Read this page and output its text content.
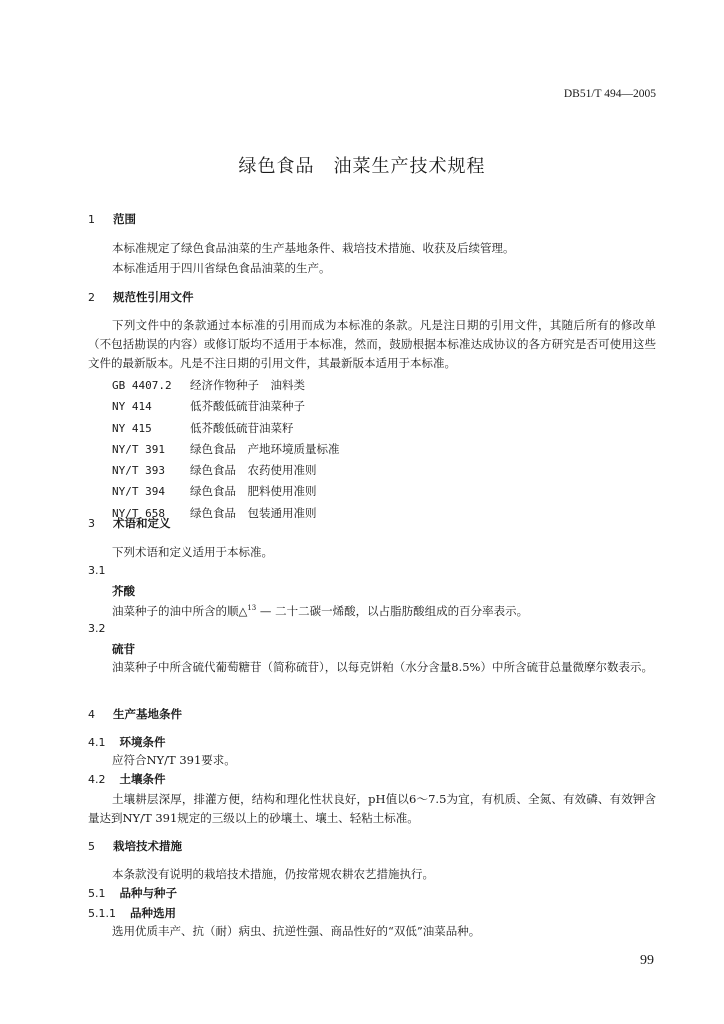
DB51/T 494—2005
绿色食品　油菜生产技术规程
1 范围
本标准规定了绿色食品油菜的生产基地条件、栽培技术措施、收获及后续管理。
本标准适用于四川省绿色食品油菜的生产。
2 规范性引用文件
下列文件中的条款通过本标准的引用而成为本标准的条款。凡是注日期的引用文件，其随后所有的修改单（不包括勘误的内容）或修订版均不适用于本标准，然而，鼓励根据本标准达成协议的各方研究是否可使用这些文件的最新版本。凡是不注日期的引用文件，其最新版本适用于本标准。
GB 4407.2 经济作物种子　油料类
NY 414	低芥酸低硫苷油菜种子
NY 415	低芥酸低硫苷油菜籽
NY/T 391 绿色食品　产地环境质量标准
NY/T 393 绿色食品　农药使用准则
NY/T 394 绿色食品　肥料使用准则
NY/T 658 绿色食品　包装通用准则
3 术语和定义
下列术语和定义适用于本标准。
3.1
芥酸
油菜种子的油中所含的顺△$^{13}$ — 二十二碳一烯酸，以占脂肪酸组成的百分率表示。
3.2
硫苷
油菜种子中所含硫代葡萄糖苷（简称硫苷），以每克饼粕（水分含量8.5%）中所含硫苷总量微摩尔数表示。
4 生产基地条件
4.1 环境条件
应符合NY/T 391要求。
4.2 土壤条件
土壤耕层深厚，排灌方便，结构和理化性状良好，pH值以6～7.5为宜，有机质、全氮、有效磷、有效钾含量达到NY/T 391规定的三级以上的砂壤土、壤土、轻粘土标准。
5 栽培技术措施
本条款没有说明的栽培技术措施，仍按常规农耕农艺措施执行。
5.1 品种与种子
5.1.1 品种选用
选用优质丰产、抗（耐）病虫、抗逆性强、商品性好的“双低”油菜品种。
99
